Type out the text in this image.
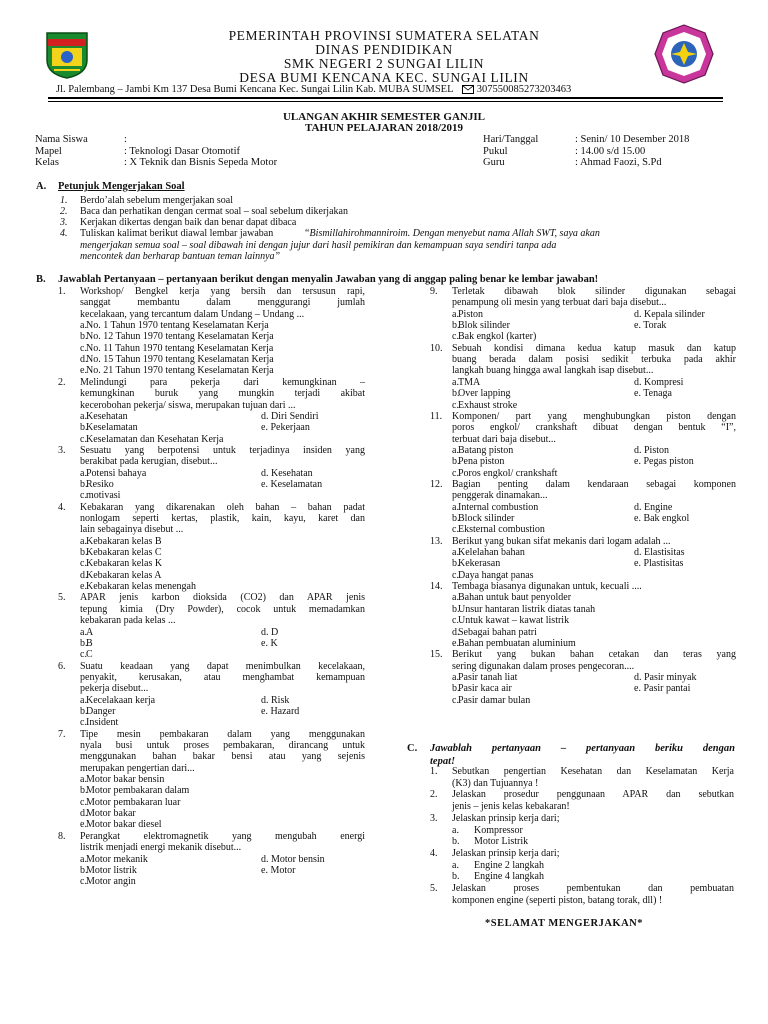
PEMERINTAH PROVINSI SUMATERA SELATAN
DINAS PENDIDIKAN
SMK NEGERI 2 SUNGAI LILIN
DESA BUMI KENCANA KEC. SUNGAI LILIN
Jl. Palembang – Jambi Km 137 Desa Bumi Kencana Kec. Sungai Lilin Kab. MUBA SUMSEL 307550085273203463
ULANGAN AKHIR SEMESTER GANJIL
TAHUN PELAJARAN 2018/2019
Nama Siswa	:
Mapel	: Teknologi Dasar Otomotif
Kelas	: X Teknik dan Bisnis Sepeda Motor
Hari/Tanggal	: Senin/ 10 Desember 2018
Pukul	: 14.00 s/d 15.00
Guru	: Ahmad Faozi, S.Pd
A. Petunjuk Mengerjakan Soal
1. Berdo’alah sebelum mengerjakan soal
2. Baca dan perhatikan dengan cermat soal – soal sebelum dikerjakan
3. Kerjakan dikertas dengan baik dan benar dapat dibaca
4. Tuliskan kalimat berikut diawal lembar jawaban	“Bismillahirohmanniroim. Dengan menyebut nama Allah SWT, saya akan
mengerjakan semua soal – soal dibawah ini dengan jujur dari hasil pemikiran dan kemampuan saya sendiri tanpa ada
mencontek dan berharap bantuan teman lainnya”
B. Jawablah Pertanyaan – pertanyaan berikut dengan menyalin Jawaban yang di anggap paling benar ke lembar jawaban!
1. Workshop/ Bengkel kerja yang bersih dan tersusun rapi,
sanggat membantu dalam menggurangi jumlah
kecelakaan, yang tercantum dalam Undang – Undang ...
a. No. 1 Tahun 1970 tentang Keselamatan Kerja
b.
No. 12 Tahun 1970 tentang Keselamatan Kerja
c. No. 11 Tahun 1970 tentang Keselamatan Kerja
d.
No. 15 Tahun 1970 tentang Keselamatan Kerja
e. No. 21 Tahun 1970 tentang Keselamatan Kerja
2. Melindungi para pekerja dari kemungkinan –
kemungkinan buruk yang mungkin terjadi akibat
kecerobohan pekerja/ siswa, merupakan tujuan dari ...
a. Kesehatan	d. Diri Sendiri
b.
Keselamatan	e. Pekerjaan
c. Keselamatan dan Kesehatan Kerja
3. Sesuatu yang berpotensi untuk terjadinya insiden yang
berakibat pada kerugian, disebut...
a. Potensi bahaya	d. Kesehatan
b.
Resiko	e. Keselamatan
c. motivasi
4. Kebakaran yang dikarenakan oleh bahan – bahan padat
nonlogam seperti kertas, plastik, kain, kayu, karet dan
lain sebagainya disebut ...
a. Kebakaran kelas B
b.
Kebakaran kelas C
c. Kebakaran kelas K
d.
Kebakaran kelas A
e. Kebakaran kelas menengah
5. APAR jenis karbon dioksida (CO2) dan APAR jenis
tepung kimia (Dry Powder), cocok untuk memadamkan
kebakaran pada kelas ...
a. A	d. D
b.
B	e. K
c. C
6. Suatu keadaan yang dapat menimbulkan kecelakaan,
penyakit, kerusakan, atau menghambat kemampuan
pekerja disebut...
a. Kecelakaan kerja	d. Risk
b.
Danger	e. Hazard
c. Insident
7. Tipe mesin pembakaran dalam yang menggunakan
nyala busi untuk proses pembakaran, dirancang untuk
menggunakan bahan bakar bensi atau yang sejenis
merupakan pengertian dari...
a. Motor bakar bensin
b.
Motor pembakaran dalam
c. Motor pembakaran luar
d.
Motor bakar
e. Motor bakar diesel
8. Perangkat elektromagnetik yang mengubah energi
listrik menjadi energi mekanik disebut...
a. Motor mekanik	d. Motor bensin
b.
Motor listrik	e. Motor
c. Motor angin
9. Terletak dibawah blok silinder digunakan sebagai
penampung oli mesin yang terbuat dari baja disebut...
a. Piston	d. Kepala silinder
b.
Blok silinder	e. Torak
c. Bak engkol (karter)
10. Sebuah kondisi dimana kedua katup masuk dan katup
buang berada dalam posisi sedikit terbuka pada akhir
langkah buang hingga awal langkah isap disebut...
a. TMA	d. Kompresi
b.
Over lapping	e. Tenaga
c. Exhaust stroke
11. Komponen/ part yang menghubungkan piston dengan
poros engkol/ crankshaft dibuat dengan bentuk “I”,
terbuat dari baja disebut...
a. Batang piston	d. Piston
b.
Pena piston	e. Pegas piston
c. Poros engkol/ crankshaft
12. Bagian penting dalam kendaraan sebagai komponen
penggerak dinamakan...
a. Internal combustion	d. Engine
b.
Block silinder	e. Bak engkol
c. Eksternal combustion
13. Berikut yang bukan sifat mekanis dari logam adalah ...
a. Kelelahan bahan	d. Elastisitas
b.
Kekerasan	e. Plastisitas
c. Daya hangat panas
14. Tembaga biasanya digunakan untuk, kecuali ....
a. Bahan untuk baut penyolder
b.
Unsur hantaran listrik diatas tanah
c. Untuk kawat – kawat listrik
d.
Sebagai bahan patri
e. Bahan pembuatan aluminium
15. Berikut yang bukan bahan cetakan dan teras yang
sering digunakan dalam proses pengecoran....
a. Pasir tanah liat	d. Pasir minyak
b.
Pasir kaca air	e. Pasir pantai
c. Pasir damar bulan
C. Jawablah pertanyaan – pertanyaan beriku dengan
tepat!
1. Sebutkan pengertian Kesehatan dan Keselamatan Kerja
(K3) dan Tujuannya !
2. Jelaskan prosedur penggunaan APAR dan sebutkan
jenis – jenis kelas kebakaran!
3. Jelaskan prinsip kerja dari;
a. Kompressor
b. Motor Listrik
4. Jelaskan prinsip kerja dari;
a. Engine 2 langkah
b. Engine 4 langkah
5. Jelaskan proses pembentukan dan pembuatan
komponen engine (seperti piston, batang torak, dll) !
*SELAMAT MENGERJAKAN*
